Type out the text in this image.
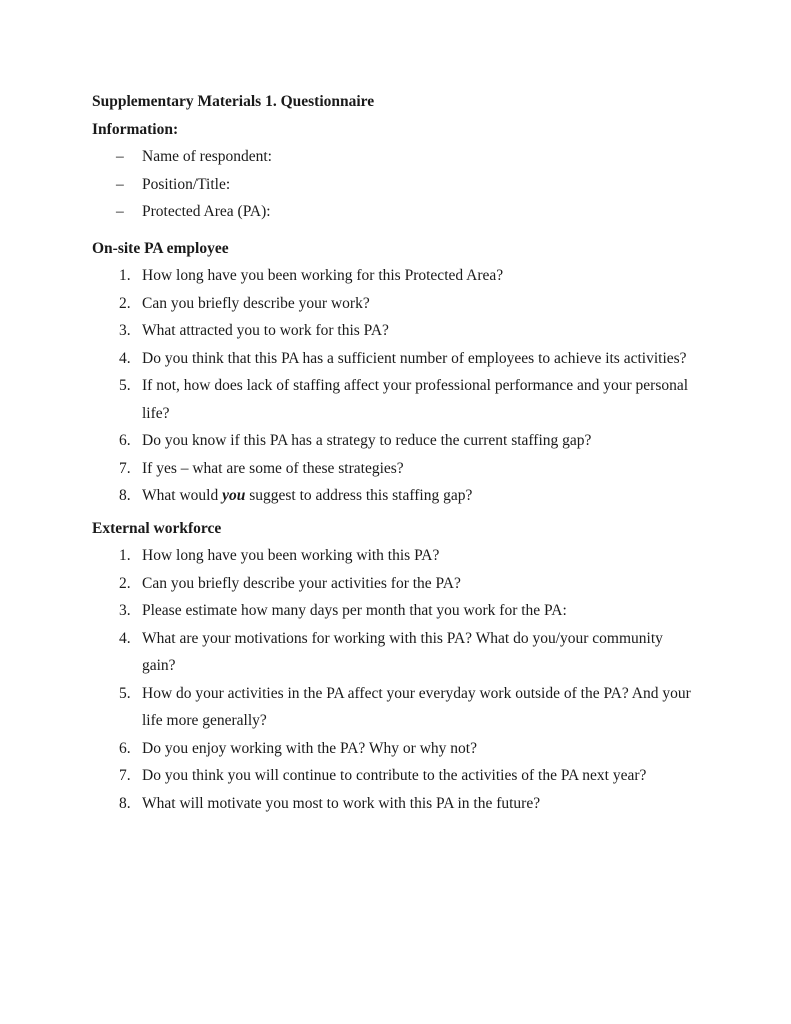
Supplementary Materials 1. Questionnaire

Information:

– Name of respondent:
– Position/Title:
– Protected Area (PA):

On-site PA employee

1. How long have you been working for this Protected Area?
2. Can you briefly describe your work?
3. What attracted you to work for this PA?
4. Do you think that this PA has a sufficient number of employees to achieve its activities?
5. If not, how does lack of staffing affect your professional performance and your personal life?
6. Do you know if this PA has a strategy to reduce the current staffing gap?
7. If yes – what are some of these strategies?
8. What would you suggest to address this staffing gap?

External workforce

1. How long have you been working with this PA?
2. Can you briefly describe your activities for the PA?
3. Please estimate how many days per month that you work for the PA:
4. What are your motivations for working with this PA? What do you/your community gain?
5. How do your activities in the PA affect your everyday work outside of the PA? And your life more generally?
6. Do you enjoy working with the PA? Why or why not?
7. Do you think you will continue to contribute to the activities of the PA next year?
8. What will motivate you most to work with this PA in the future?
